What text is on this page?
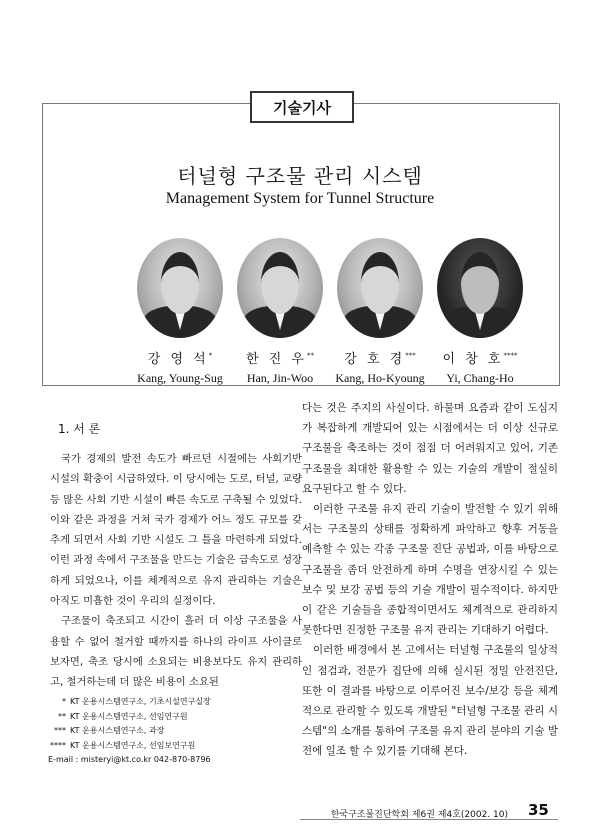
기술기사
터널형 구조물 관리 시스템
Management System for Tunnel Structure
강 영 석*
Kang, Young-Sug
한 진 우**
Han, Jin-Woo
강 호 경***
Kang, Ho-Kyoung
이 창 호****
Yi, Chang-Ho
1. 서 론

국가 경제의 발전 속도가 빠르던 시절에는 사회기반 시설의 확충이 시급하였다. 이 당시에는 도로, 터널, 교량 등 많은 사회 기반 시설이 빠른 속도로 구축될 수 있었다. 이와 같은 과정을 거쳐 국가 경제가 어느 정도 규모를 갖추게 되면서 사회 기반 시설도 그 틀을 마련하게 되었다. 이런 과정 속에서 구조물을 만드는 기술은 급속도로 성장하게 되었으나, 이를 체계적으로 유지 관리하는 기술은 아직도 미흡한 것이 우리의 실정이다.

구조물이 축조되고 시간이 흘러 더 이상 구조물을 사용할 수 없어 철거할 때까지를 하나의 라이프 사이클로 보자면, 축조 당시에 소요되는 비용보다도 유지 관리하고, 철거하는데 더 많은 비용이 소요된

다는 것은 주지의 사실이다. 하물며 요즘과 같이 도심지가 복잡하게 개발되어 있는 시점에서는 더 이상 신규로 구조물을 축조하는 것이 점점 더 어려워지고 있어, 기존 구조물을 최대한 활용할 수 있는 기술의 개발이 절실히 요구된다고 할 수 있다.

이러한 구조물 유지 관리 기술이 발전할 수 있기 위해서는 구조물의 상태를 정확하게 파악하고 향후 거동을 예측할 수 있는 각종 구조물 진단 공법과, 이를 바탕으로 구조물을 좀더 안전하게 하며 수명을 연장시킬 수 있는 보수 및 보강 공법 등의 기술 개발이 필수적이다. 하지만 이 같은 기술들을 종합적이면서도 체계적으로 관리하지 못한다면 진정한 구조물 유지 관리는 기대하기 어렵다.

이러한 배경에서 본 고에서는 터널형 구조물의 일상적인 점검과, 전문가 집단에 의해 실시된 정밀 안전진단, 또한 이 결과를 바탕으로 이루어진 보수/보강 등을 체계적으로 관리할 수 있도록 개발된 "터널형 구조물 관리 시스템"의 소개를 통하여 구조물 유지 관리 분야의 기술 발전에 일조 할 수 있기를 기대해 본다.

* KT 운용시스템연구소, 기초시설연구실장
** KT 운용시스템연구소, 선임연구원
*** KT 운용시스템연구소, 과장
**** KT 운용시스템연구소, 선임보연구원
E-mail : misteryi@kt.co.kr 042-870-8796
한국구조물진단학회 제6권 제4호(2002. 10) 35
